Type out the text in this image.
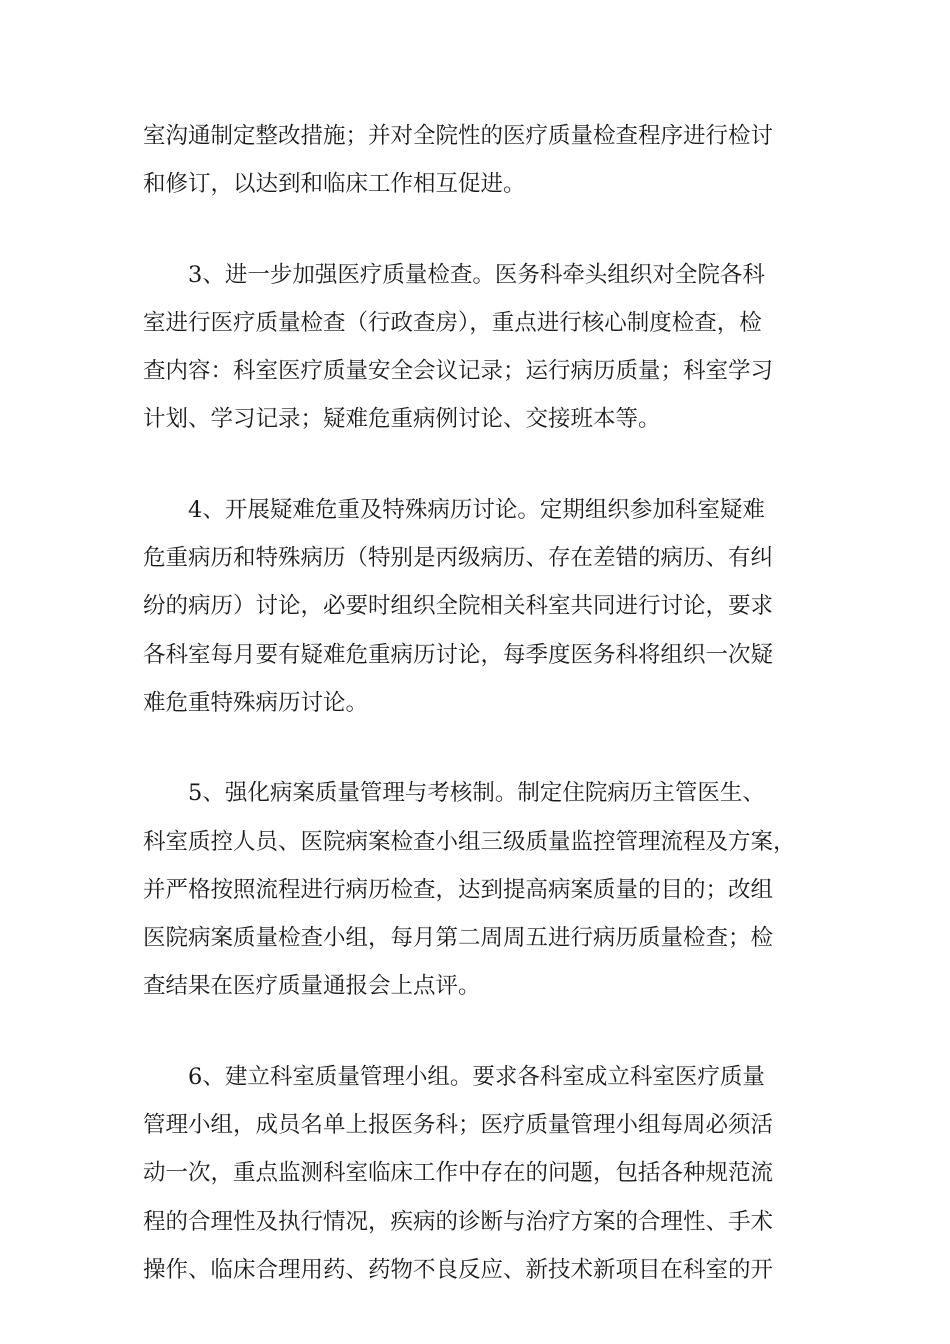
室沟通制定整改措施；并对全院性的医疗质量检查程序进行检讨
和修订，以达到和临床工作相互促进。

3、进一步加强医疗质量检查。医务科牵头组织对全院各科
室进行医疗质量检查（行政查房），重点进行核心制度检查，检
查内容：科室医疗质量安全会议记录；运行病历质量；科室学习
计划、学习记录；疑难危重病例讨论、交接班本等。

4、开展疑难危重及特殊病历讨论。定期组织参加科室疑难
危重病历和特殊病历（特别是丙级病历、存在差错的病历、有纠
纷的病历）讨论，必要时组织全院相关科室共同进行讨论，要求
各科室每月要有疑难危重病历讨论，每季度医务科将组织一次疑
难危重特殊病历讨论。

5、强化病案质量管理与考核制。制定住院病历主管医生、
科室质控人员、医院病案检查小组三级质量监控管理流程及方案，
并严格按照流程进行病历检查，达到提高病案质量的目的；改组
医院病案质量检查小组，每月第二周周五进行病历质量检查；检
查结果在医疗质量通报会上点评。

6、建立科室质量管理小组。要求各科室成立科室医疗质量
管理小组，成员名单上报医务科；医疗质量管理小组每周必须活
动一次，重点监测科室临床工作中存在的问题，包括各种规范流
程的合理性及执行情况，疾病的诊断与治疗方案的合理性、手术
操作、临床合理用药、药物不良反应、新技术新项目在科室的开
